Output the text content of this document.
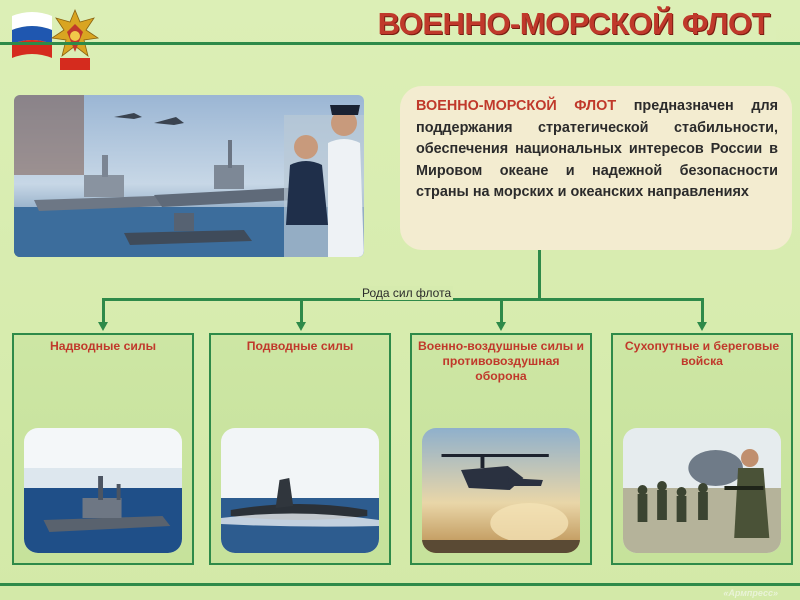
ВОЕННО-МОРСКОЙ ФЛОТ

ВОЕННО-МОРСКОЙ ФЛОТ предназначен для поддержания стратегической стабильности, обеспечения национальных интересов России в Мировом океане и надежной безопасности страны на морских и океанских направлениях

Рода сил флота
Надводные силы	Подводные силы	Военно-воздушные силы и противовоздушная оборона
Сухопутные и береговые войска
«Армпресс»
